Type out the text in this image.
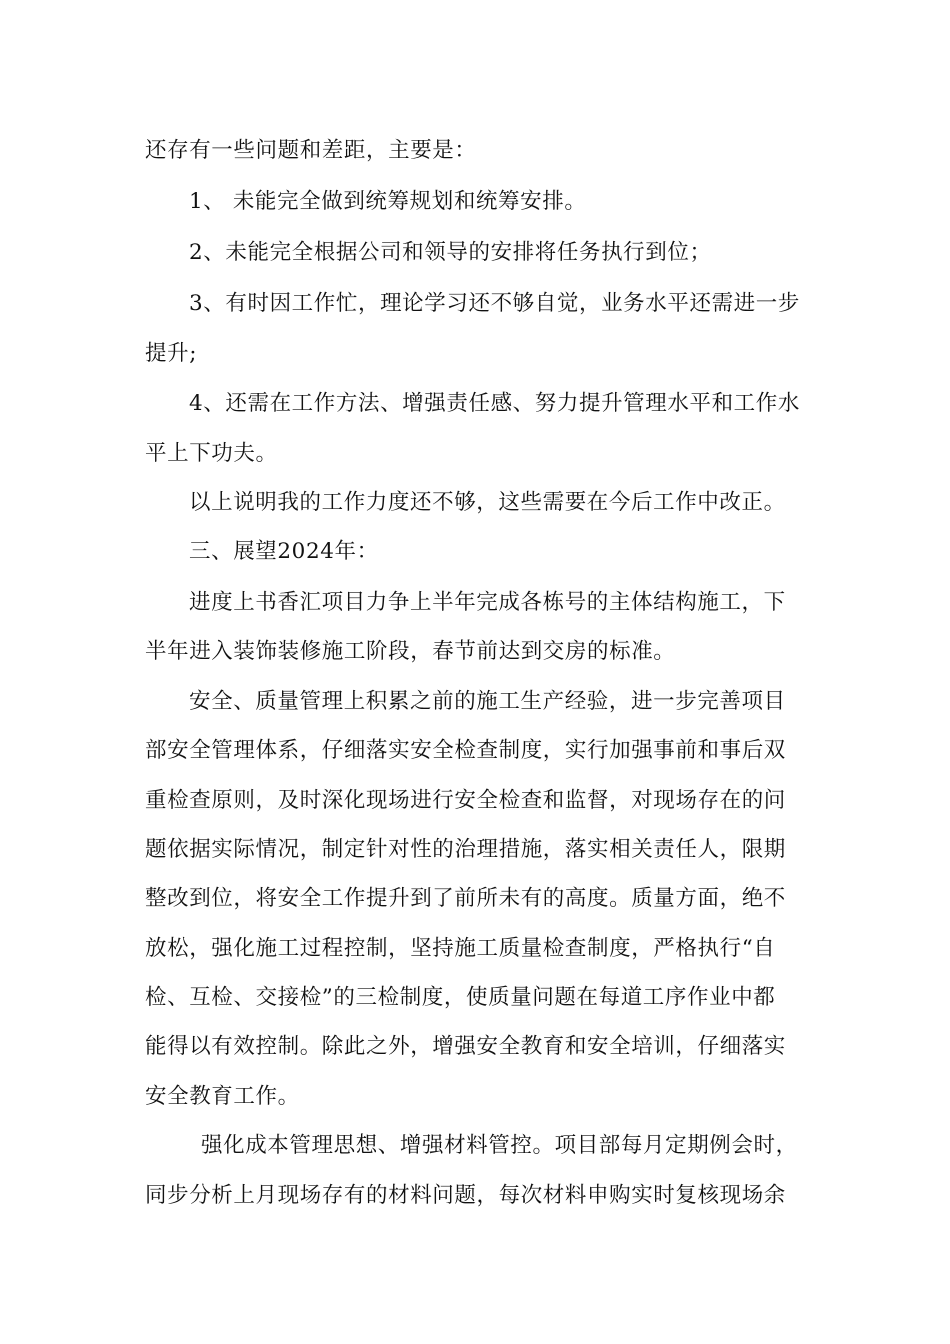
还存有一些问题和差距，主要是：
1、 未能完全做到统筹规划和统筹安排。
2、未能完全根据公司和领导的安排将任务执行到位；
3、有时因工作忙，理论学习还不够自觉，业务水平还需进一步
提升;
4、还需在工作方法、增强责任感、努力提升管理水平和工作水
平上下功夫。
以上说明我的工作力度还不够，这些需要在今后工作中改正。
三、展望2024年：
进度上书香汇项目力争上半年完成各栋号的主体结构施工，下
半年进入装饰装修施工阶段，春节前达到交房的标准。
安全、质量管理上积累之前的施工生产经验，进一步完善项目
部安全管理体系，仔细落实安全检查制度，实行加强事前和事后双
重检查原则，及时深化现场进行安全检查和监督，对现场存在的问
题依据实际情况，制定针对性的治理措施，落实相关责任人，限期
整改到位，将安全工作提升到了前所未有的高度。质量方面，绝不
放松，强化施工过程控制，坚持施工质量检查制度，严格执行“自
检、互检、交接检”的三检制度，使质量问题在每道工序作业中都
能得以有效控制。除此之外，增强安全教育和安全培训，仔细落实
安全教育工作。
强化成本管理思想、增强材料管控。项目部每月定期例会时，
同步分析上月现场存有的材料问题，每次材料申购实时复核现场余
